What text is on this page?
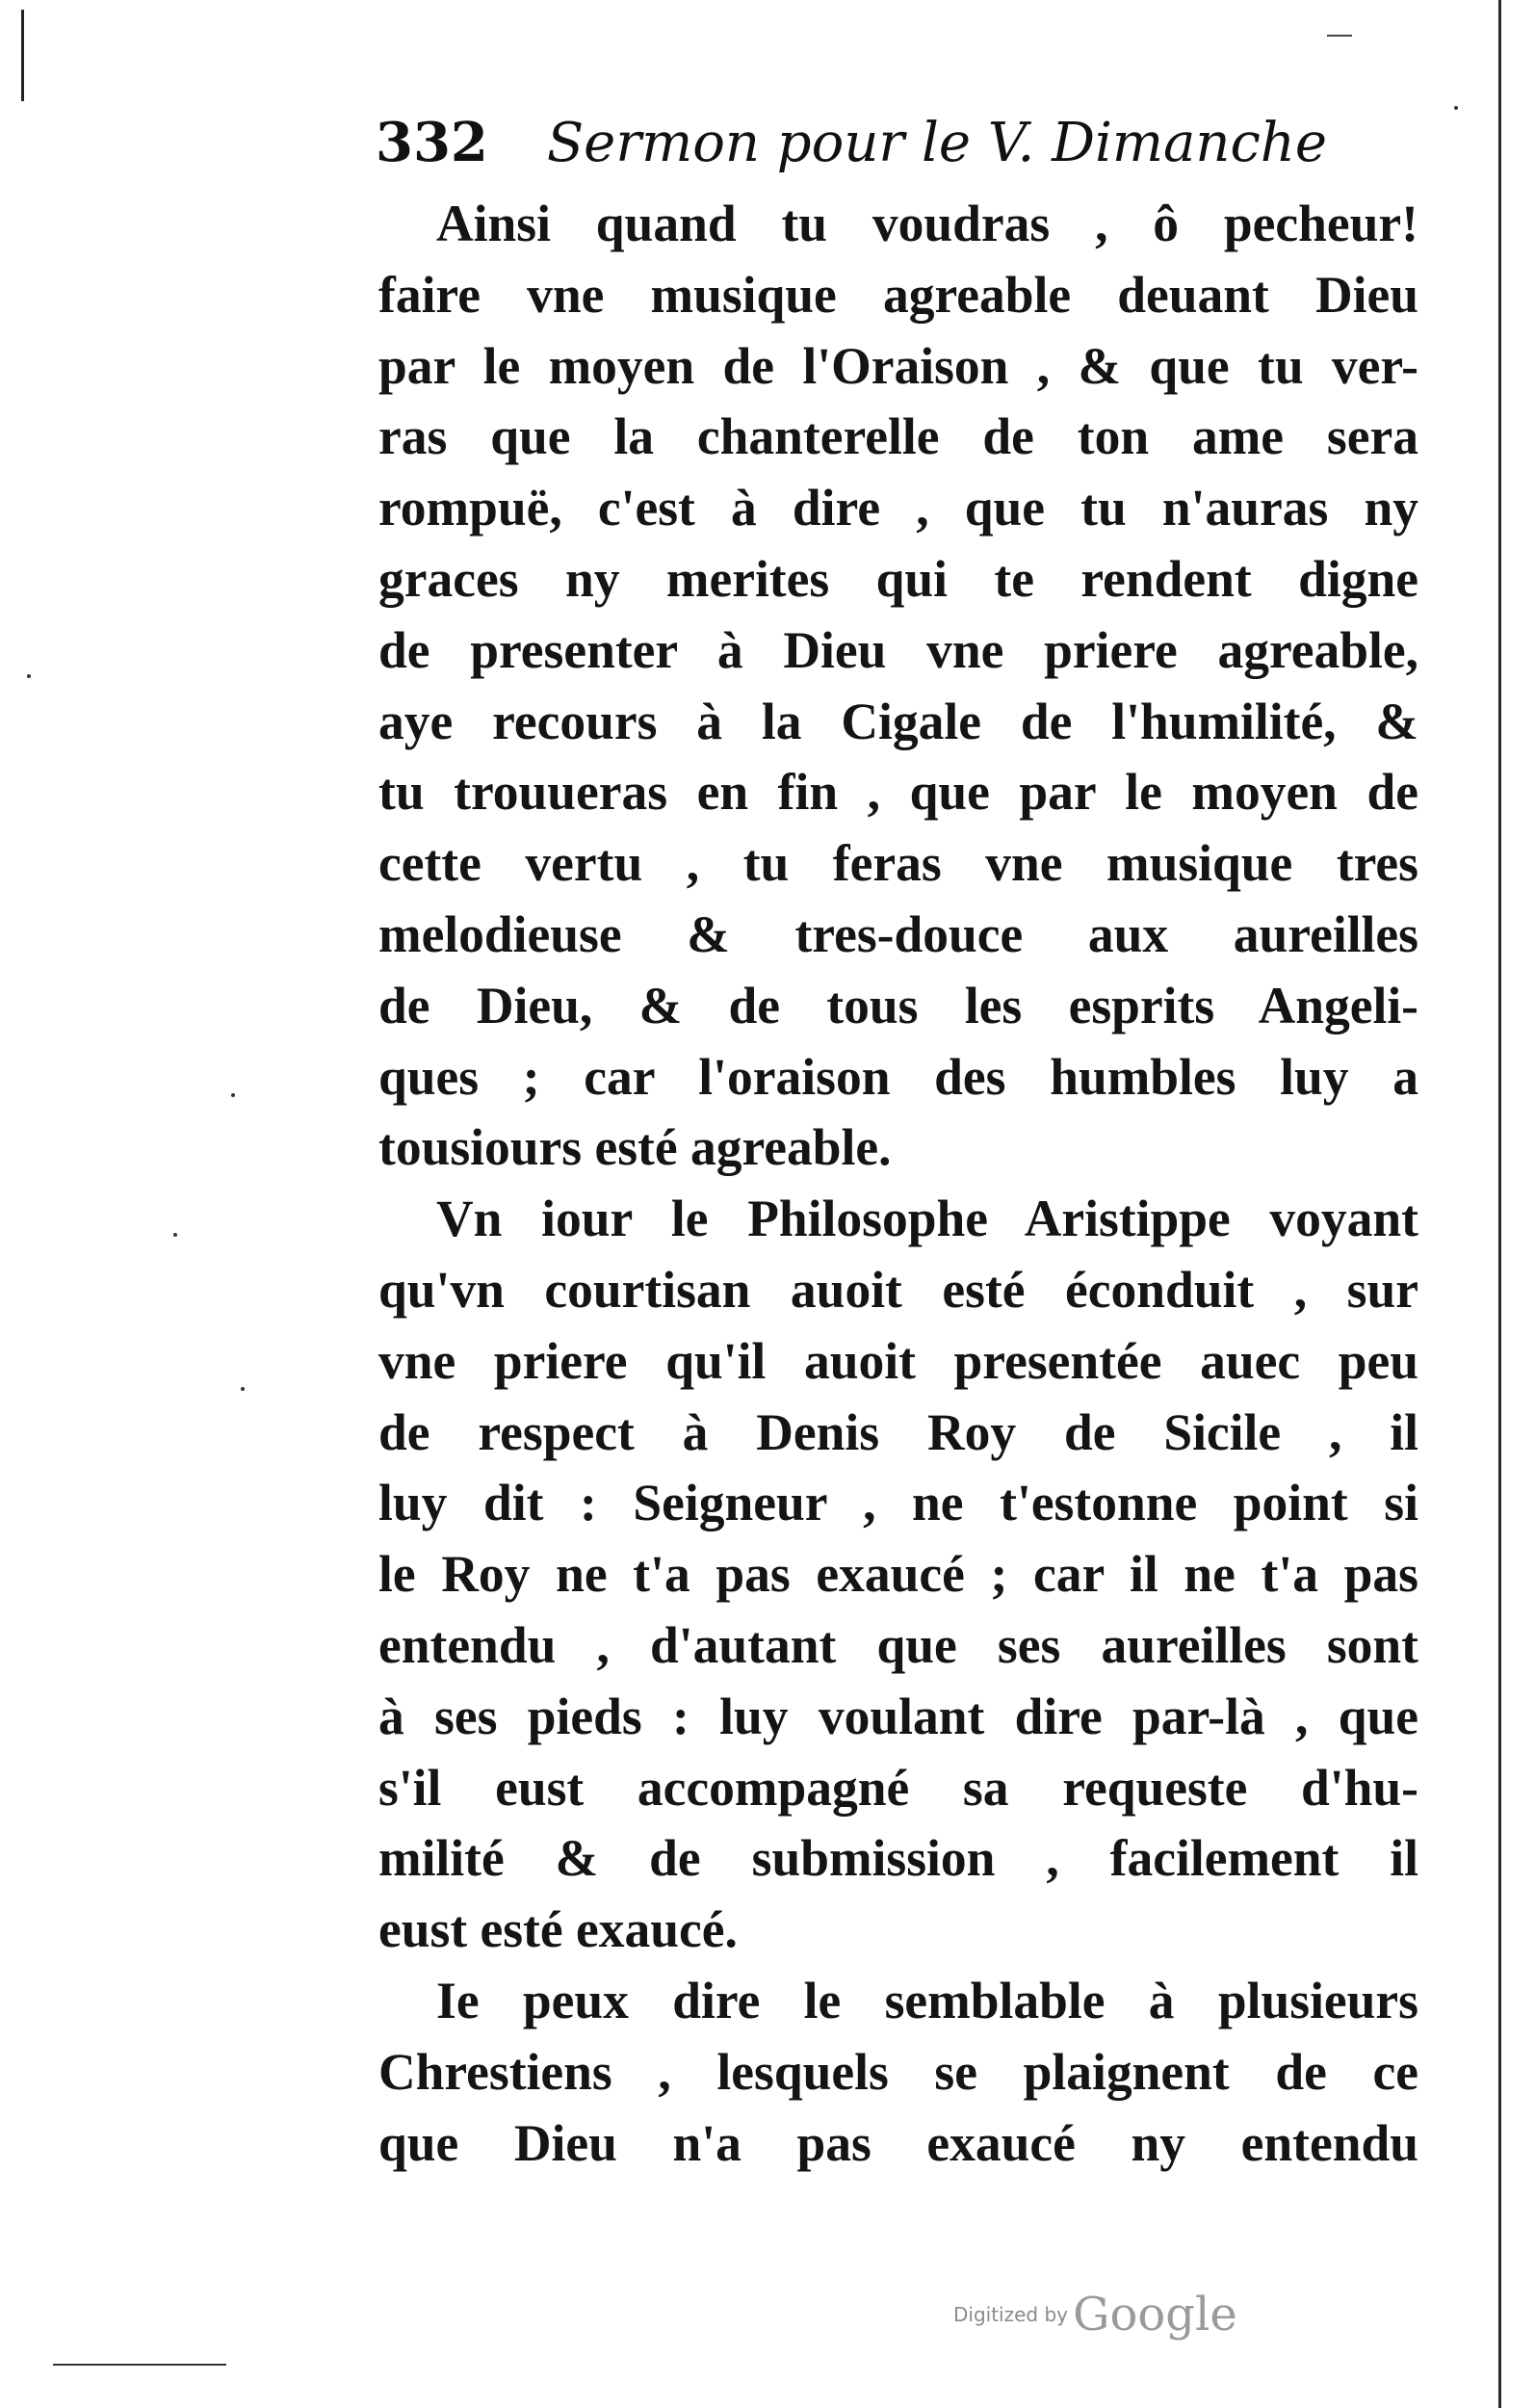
332 Sermon pour le V. Dimanche
Ainsi quand tu voudras , ô pecheur!
faire vne musique agreable deuant Dieu
par le moyen de l'Oraison , & que tu ver-
ras que la chanterelle de ton ame sera
rompuë, c'est à dire , que tu n'auras ny
graces ny merites qui te rendent digne
de presenter à Dieu vne priere agreable,
aye recours à la Cigale de l'humilité, &
tu trouueras en fin , que par le moyen de
cette vertu , tu feras vne musique tres
melodieuse & tres-douce aux aureilles
de Dieu, & de tous les esprits Angeli-
ques ; car l'oraison des humbles luy a
tousiours esté agreable.
Vn iour le Philosophe Aristippe voyant
qu'vn courtisan auoit esté éconduit , sur
vne priere qu'il auoit presentée auec peu
de respect à Denis Roy de Sicile , il
luy dit : Seigneur , ne t'estonne point si
le Roy ne t'a pas exaucé ; car il ne t'a pas
entendu , d'autant que ses aureilles sont
à ses pieds : luy voulant dire par-là , que
s'il eust accompagné sa requeste d'hu-
milité & de submission , facilement il
eust esté exaucé.
Ie peux dire le semblable à plusieurs
Chrestiens , lesquels se plaignent de ce
que Dieu n'a pas exaucé ny entendu
Digitized by Google
